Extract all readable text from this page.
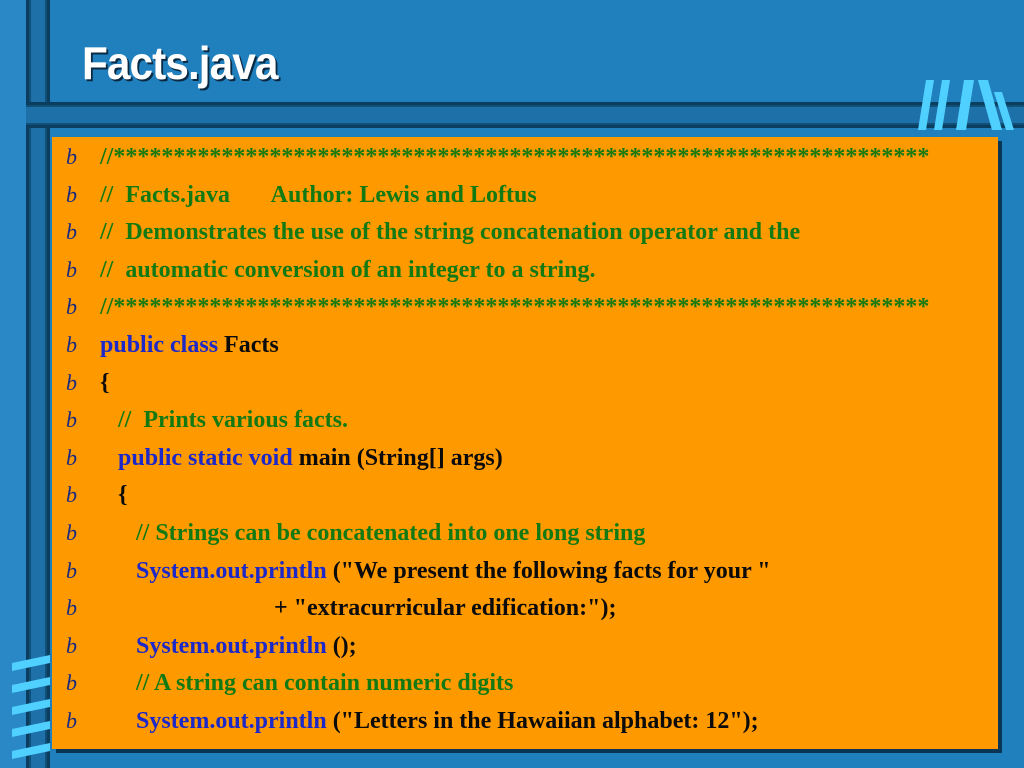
Facts.java
b //********************************************************************
b //  Facts.java       Author: Lewis and Loftus
b //  Demonstrates the use of the string concatenation operator and the
b //  automatic conversion of an integer to a string.
b //********************************************************************
b public class Facts
b {
b	//  Prints various facts.
b	public static void main (String[] args)
b	{
b	// Strings can be concatenated into one long string
b	System.out.println ("We present the following facts for your "
b	+ "extracurricular edification:");
b	System.out.println ();
b	// A string can contain numeric digits
b	System.out.println ("Letters in the Hawaiian alphabet: 12");
